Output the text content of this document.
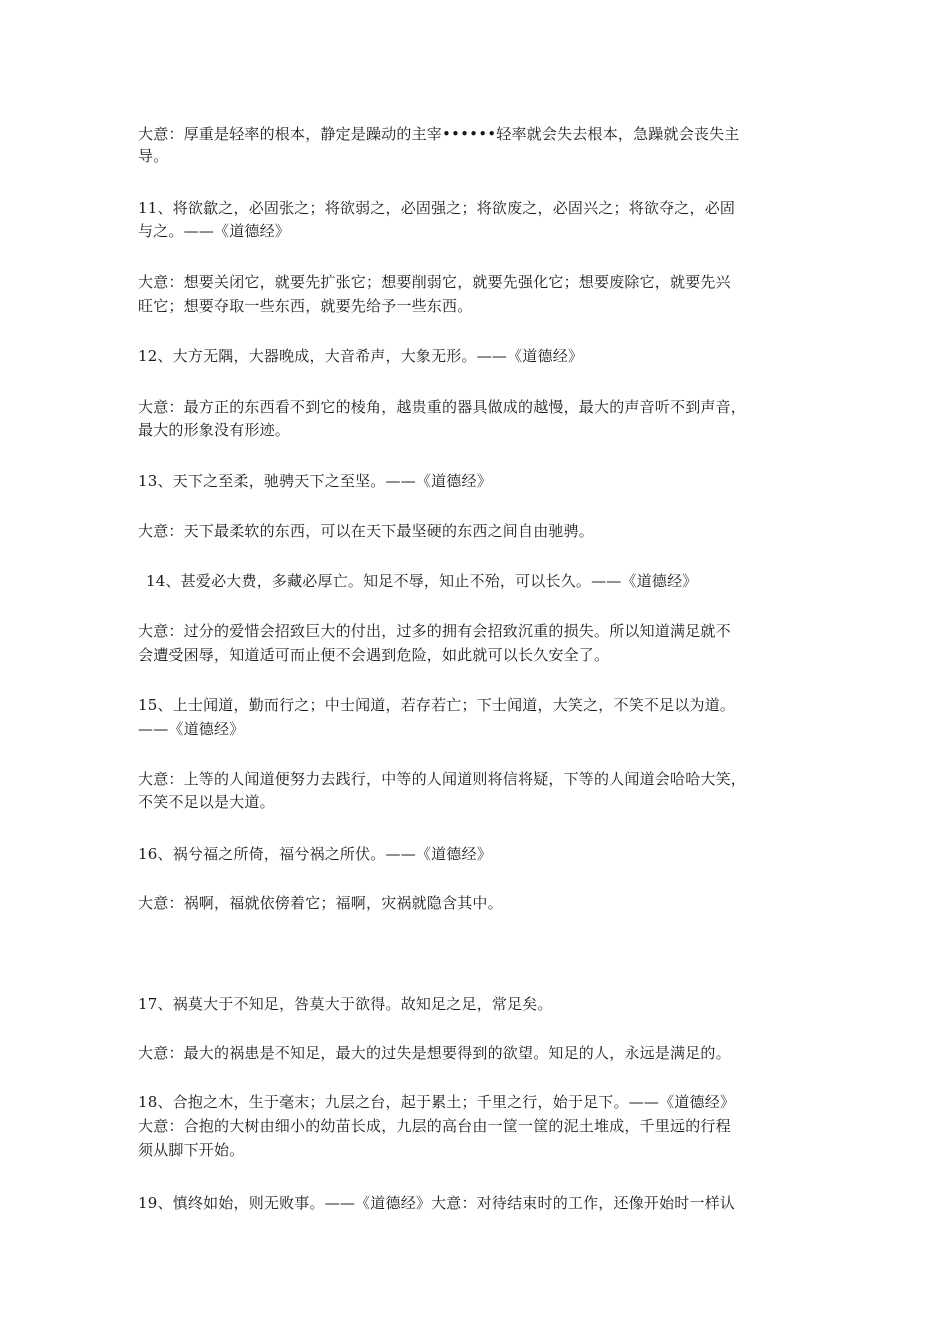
大意：厚重是轻率的根本，静定是躁动的主宰••••••轻率就会失去根本，急躁就会丧失主
导。
11、将欲歙之，必固张之；将欲弱之，必固强之；将欲废之，必固兴之；将欲夺之，必固
与之。——《道德经》
大意：想要关闭它，就要先扩张它；想要削弱它，就要先强化它；想要废除它，就要先兴
旺它；想要夺取一些东西，就要先给予一些东西。
12、大方无隅，大器晚成，大音希声，大象无形。——《道德经》
大意：最方正的东西看不到它的棱角，越贵重的器具做成的越慢，最大的声音听不到声音，
最大的形象没有形迹。
13、天下之至柔，驰骋天下之至坚。——《道德经》
大意：天下最柔软的东西，可以在天下最坚硬的东西之间自由驰骋。
14、甚爱必大费，多藏必厚亡。知足不辱，知止不殆，可以长久。——《道德经》
大意：过分的爱惜会招致巨大的付出，过多的拥有会招致沉重的损失。所以知道满足就不
会遭受困辱，知道适可而止便不会遇到危险，如此就可以长久安全了。
15、上士闻道，勤而行之；中士闻道，若存若亡；下士闻道，大笑之，不笑不足以为道。
——《道德经》
大意：上等的人闻道便努力去践行，中等的人闻道则将信将疑，下等的人闻道会哈哈大笑，
不笑不足以是大道。
16、祸兮福之所倚，福兮祸之所伏。——《道德经》
大意：祸啊，福就依傍着它；福啊，灾祸就隐含其中。
17、祸莫大于不知足，咎莫大于欲得。故知足之足，常足矣。
大意：最大的祸患是不知足，最大的过失是想要得到的欲望。知足的人，永远是满足的。
18、合抱之木，生于毫末；九层之台，起于累土；千里之行，始于足下。——《道德经》
大意：合抱的大树由细小的幼苗长成，九层的高台由一筐一筐的泥土堆成，千里远的行程
须从脚下开始。
19、慎终如始，则无败事。——《道德经》大意：对待结束时的工作，还像开始时一样认
